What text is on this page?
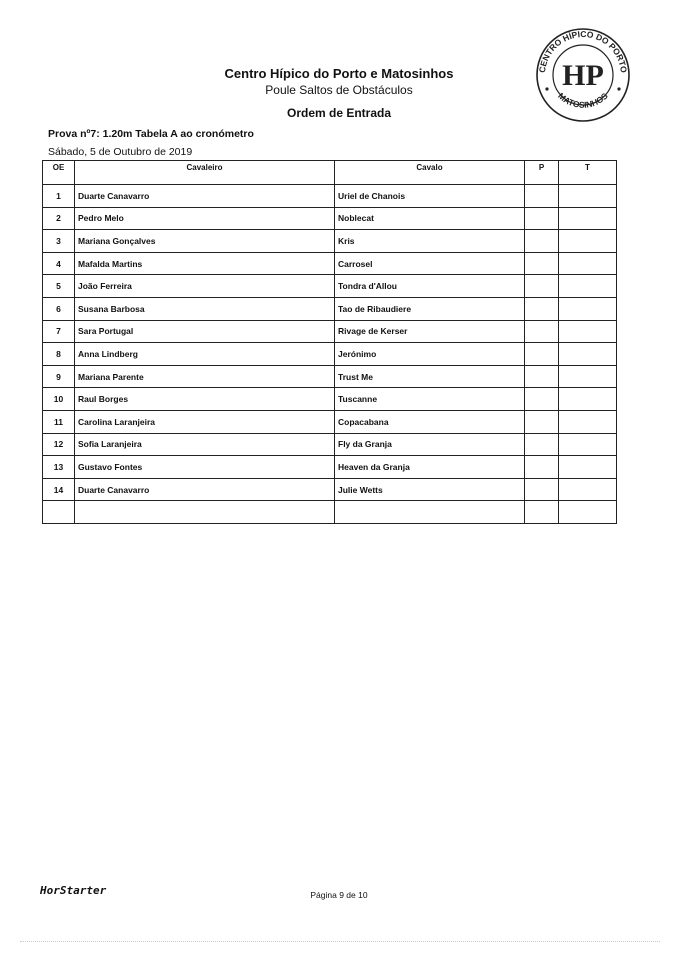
Centro Hípico do Porto e Matosinhos
Poule Saltos de Obstáculos
Ordem de Entrada
CENTRO HÍPICO DO PORTO
MATOSINHOS
HP
Prova nº7: 1.20m Tabela A ao cronómetro
Sábado, 5 de Outubro de 2019
OE	Cavaleiro	Cavalo	P	T
1	Duarte Canavarro	Uriel de Chanois		
2	Pedro Melo	Noblecat		
3	Mariana Gonçalves	Kris		
4	Mafalda Martins	Carrosel		
5	João Ferreira	Tondra d'Allou		
6	Susana Barbosa	Tao de Ribaudiere		
7	Sara Portugal	Rivage de Kerser		
8	Anna Lindberg	Jerónimo		
9	Mariana Parente	Trust Me		
10	Raul Borges	Tuscanne		
11	Carolina Laranjeira	Copacabana		
12	Sofia Laranjeira	Fly da Granja		
13	Gustavo Fontes	Heaven da Granja		
14	Duarte Canavarro	Julie Wetts		

HorStarter	Página 9 de 10
